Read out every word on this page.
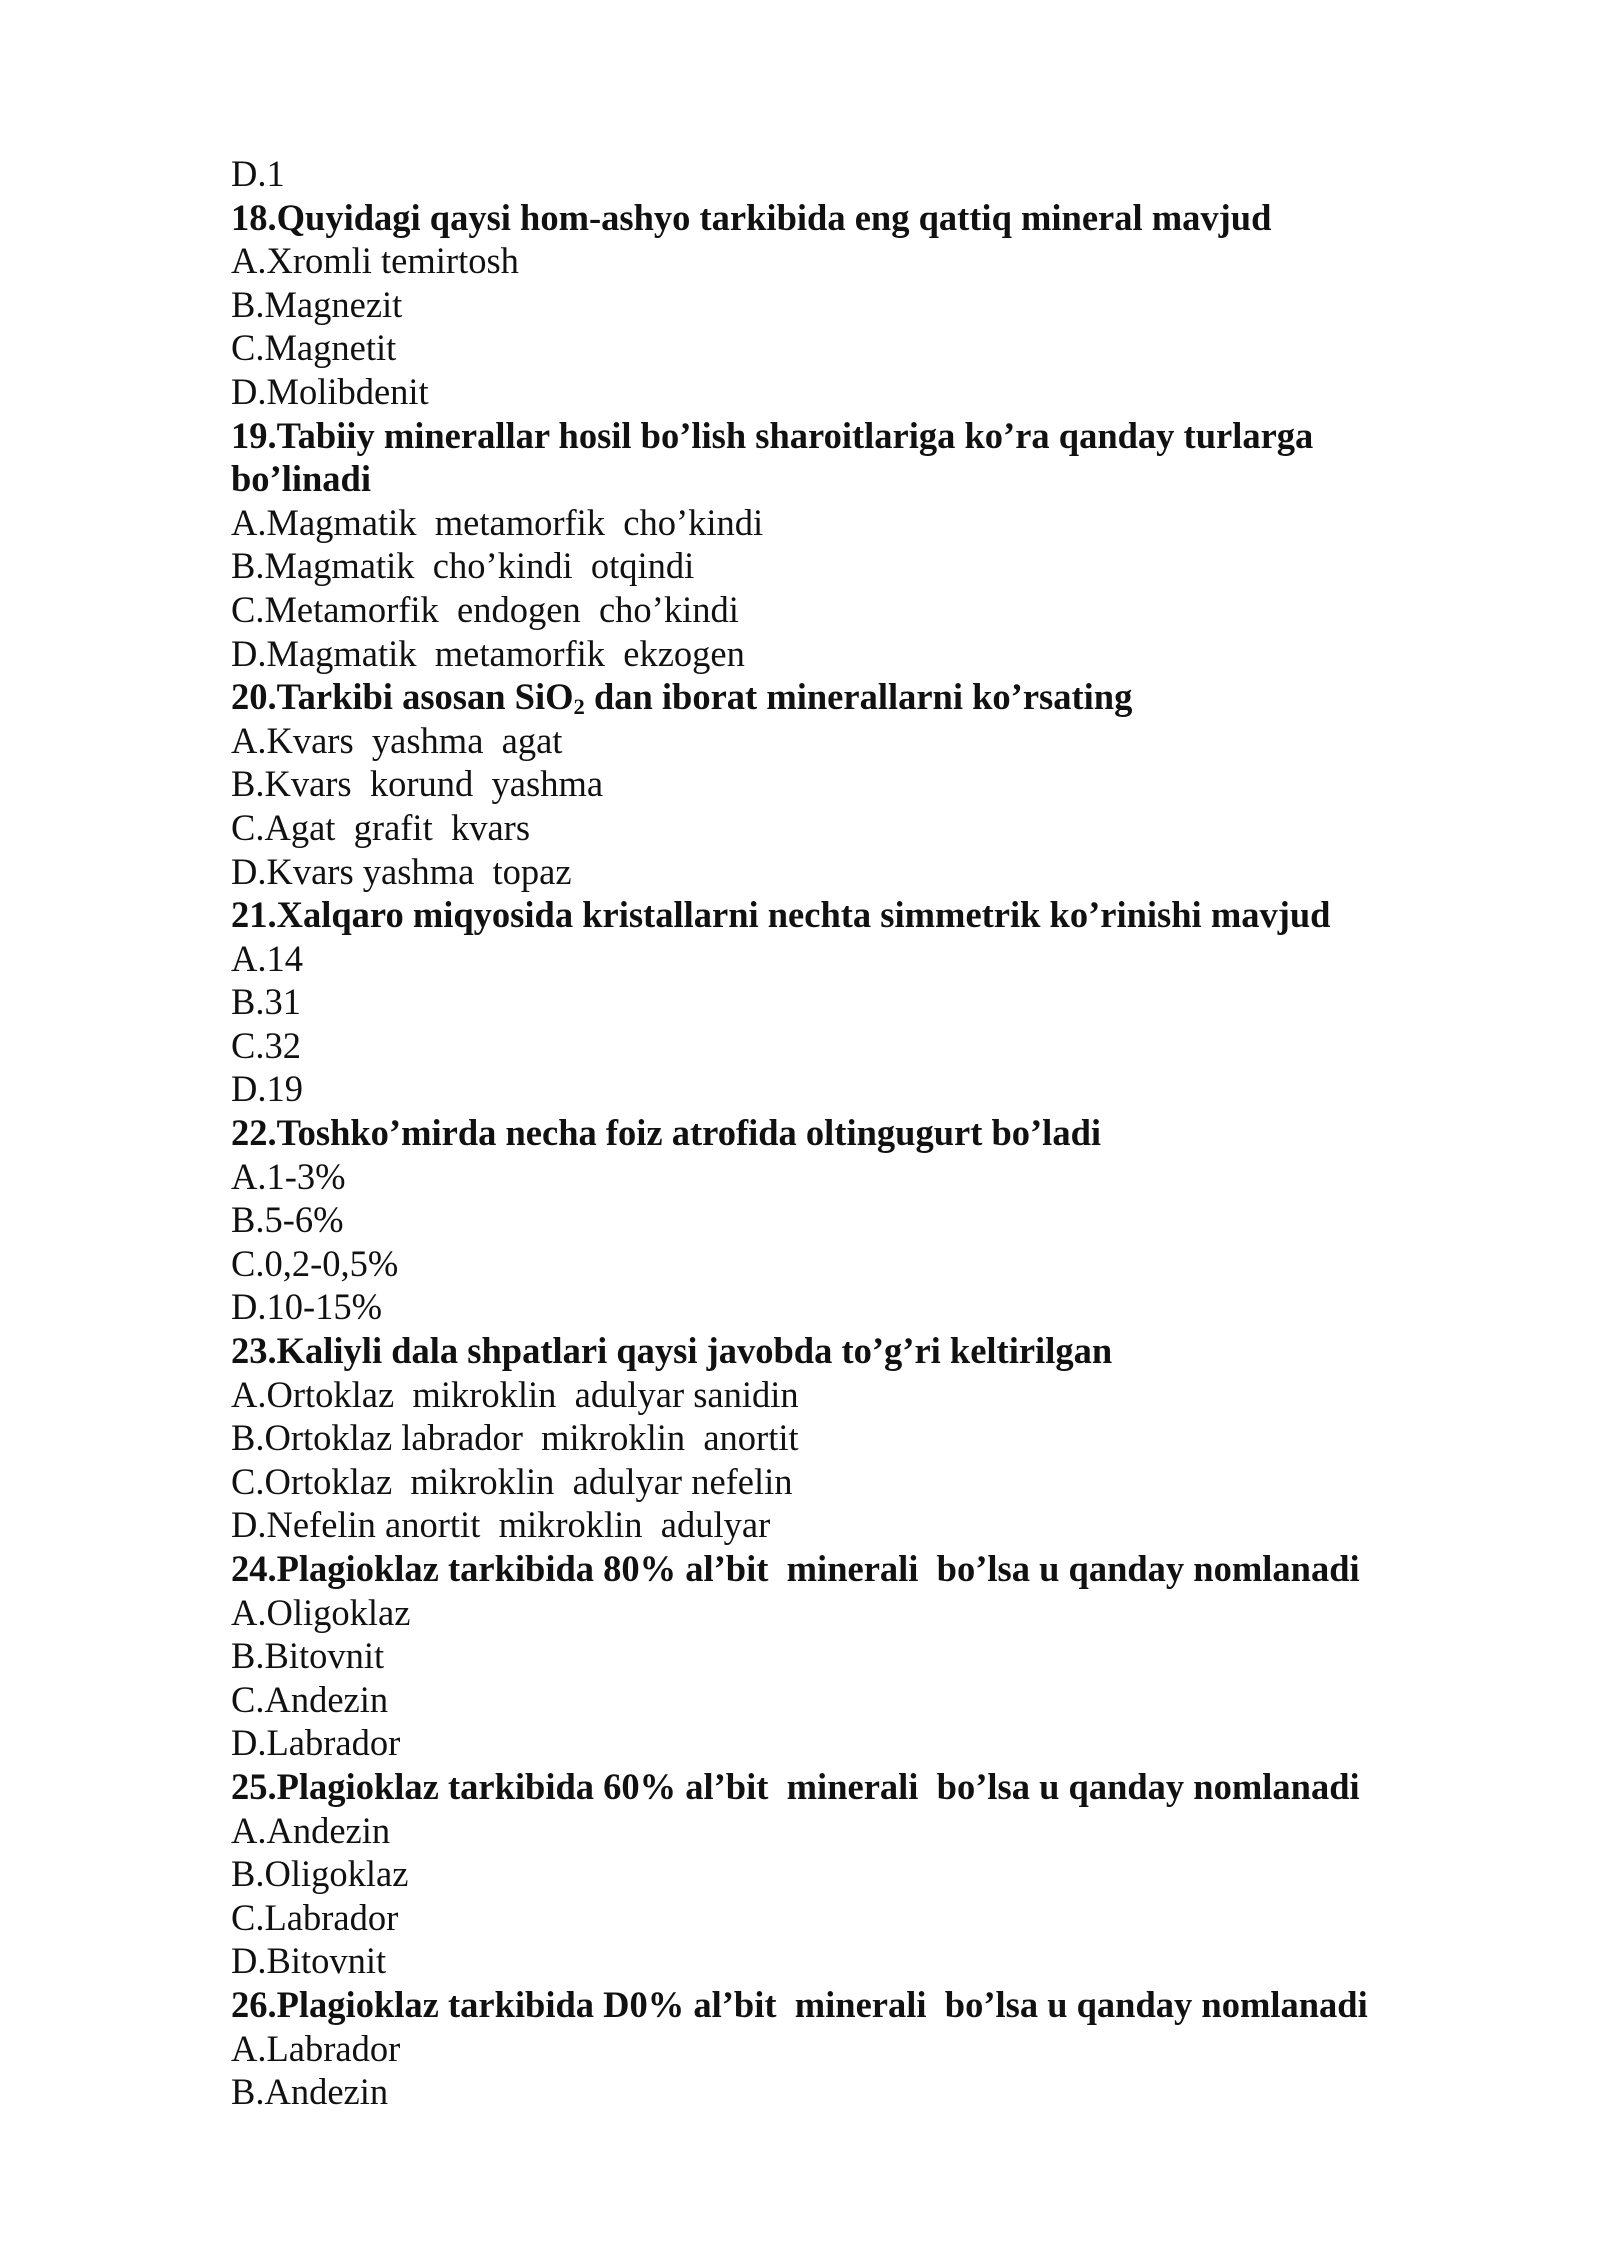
D.1
18.Quyidagi qaysi hom-ashyo tarkibida eng qattiq mineral mavjud
A.Xromli temirtosh
B.Magnezit
C.Magnetit
D.Molibdenit
19.Tabiiy minerallar hosil bo’lish sharoitlariga ko’ra qanday turlarga bo’linadi
A.Magmatik  metamorfik  cho’kindi
B.Magmatik  cho’kindi  otqindi
C.Metamorfik  endogen  cho’kindi
D.Magmatik  metamorfik  ekzogen
20.Tarkibi asosan SiO$_2$ dan iborat minerallarni ko’rsating
A.Kvars  yashma  agat
B.Kvars  korund  yashma
C.Agat  grafit  kvars
D.Kvars yashma  topaz
21.Xalqaro miqyosida kristallarni nechta simmetrik ko’rinishi mavjud
A.14
B.31
C.32
D.19
22.Toshko’mirda necha foiz atrofida oltingugurt bo’ladi
A.1-3%
B.5-6%
C.0,2-0,5%
D.10-15%
23.Kaliyli dala shpatlari qaysi javobda to’g’ri keltirilgan
A.Ortoklaz  mikroklin  adulyar sanidin
B.Ortoklaz labrador  mikroklin  anortit
C.Ortoklaz  mikroklin  adulyar nefelin
D.Nefelin anortit  mikroklin  adulyar
24.Plagioklaz tarkibida 80% al’bit  minerali  bo’lsa u qanday nomlanadi
A.Oligoklaz
B.Bitovnit
C.Andezin
D.Labrador
25.Plagioklaz tarkibida 60% al’bit  minerali  bo’lsa u qanday nomlanadi
A.Andezin
B.Oligoklaz
C.Labrador
D.Bitovnit
26.Plagioklaz tarkibida D0% al’bit  minerali  bo’lsa u qanday nomlanadi
A.Labrador
B.Andezin
